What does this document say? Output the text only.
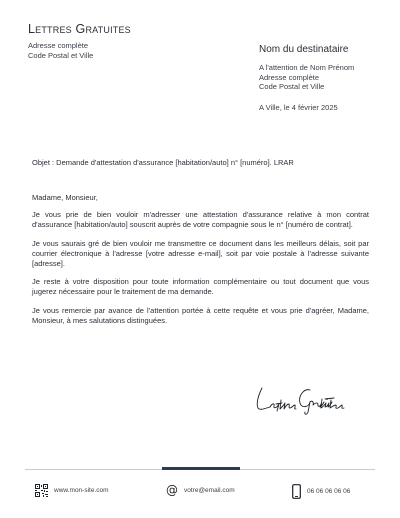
Lettres Gratuites
Adresse complète
Code Postal et Ville	Nom du destinataire
A l'attention de Nom Prénom
Adresse complète
Code Postal et Ville
A Ville, le 4 février 2025
Objet : Demande d'attestation d'assurance [habitation/auto] n° [numéro]. LRAR

Madame, Monsieur,

Je vous prie de bien vouloir m'adresser une attestation d'assurance relative à mon contrat d'assurance [habitation/auto] souscrit auprès de votre compagnie sous le n° [numéro de contrat].

Je vous saurais gré de bien vouloir me transmettre ce document dans les meilleurs délais, soit par courrier électronique à l'adresse [votre adresse e-mail], soit par voie postale à l'adresse suivante [adresse].

Je reste à votre disposition pour toute information complémentaire ou tout document que vous jugerez nécessaire pour le traitement de ma demande.

Je vous remercie par avance de l'attention portée à cette requête et vous prie d'agréer, Madame, Monsieur, à mes salutations distinguées.

www.mon-site.com	@ votre@email.com	06 06 06 06 06
